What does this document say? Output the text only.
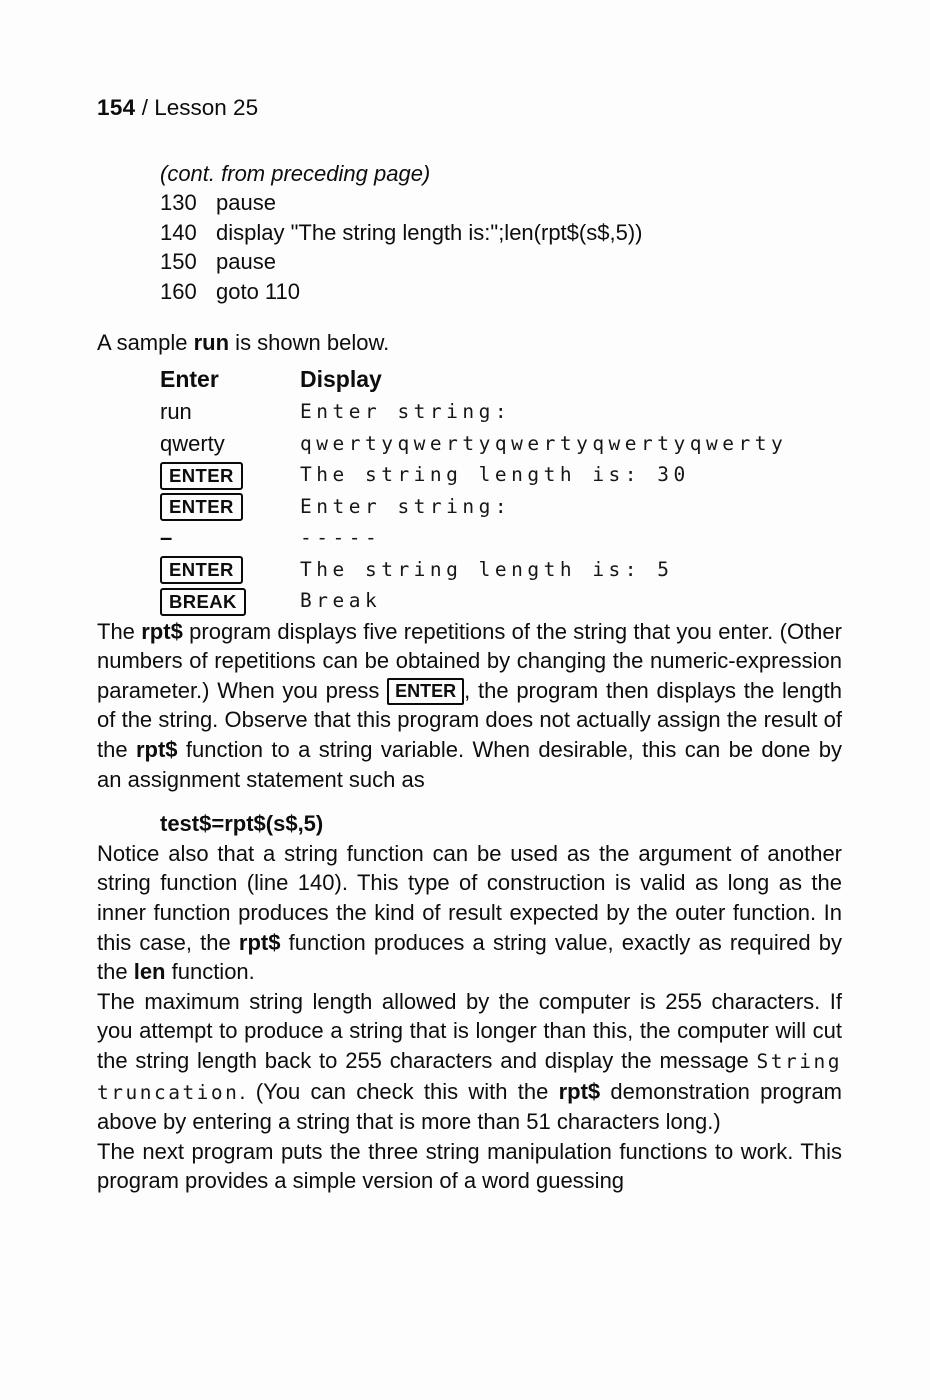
154 / Lesson 25
(cont. from preceding page)
130 pause
140 display "The string length is:";len(rpt$(s$,5))
150 pause
160 goto 110

A sample run is shown below.

Enter	Display
run	Enter string:
qwerty	qwertyqwertyqwertyqwertyqwerty
ENTER	The string length is: 30
ENTER	Enter string:
–	-----
ENTER	The string length is: 5
BREAK	Break

The rpt$ program displays five repetitions of the string that you enter. (Other numbers of repetitions can be obtained by changing the numeric-expression parameter.) When you press ENTER , the program then displays the length of the string. Observe that this program does not actually assign the result of the rpt$ function to a string variable. When desirable, this can be done by an assignment statement such as

test$=rpt$(s$,5)

Notice also that a string function can be used as the argument of another string function (line 140). This type of construction is valid as long as the inner function produces the kind of result expected by the outer function. In this case, the rpt$ function produces a string value, exactly as required by the len function.

The maximum string length allowed by the computer is 255 characters. If you attempt to produce a string that is longer than this, the computer will cut the string length back to 255 characters and display the message String truncation. (You can check this with the rpt$ demonstration program above by entering a string that is more than 51 characters long.)

The next program puts the three string manipulation functions to work. This program provides a simple version of a word guessing
